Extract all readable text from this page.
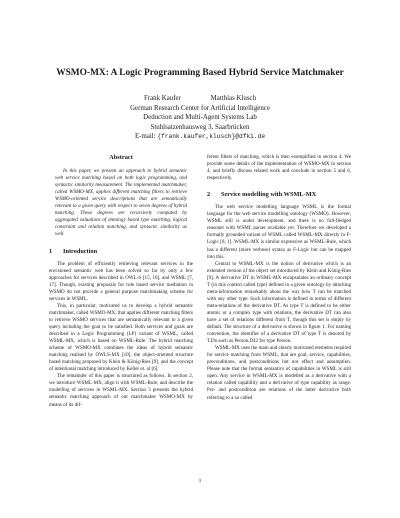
WSMO-MX: A Logic Programming Based Hybrid Service Matchmaker
Frank Kaufer	Matthias Klusch
German Research Center for Artificial Intelligence
Deduction and Multi-Agent Systems Lab
Stuhlsatzenhausweg 3, Saarbrücken
E-mail: {frank.kaufer,klusch}@dfki.de
Abstract

In this paper, we present an approach to hybrid semantic web service matching based on both logic programming, and syntactic similarity measurement. The implemented matchmaker, called WSMO-MX, applies different matching filters to retrieve WSMO-oriented service descriptions that are semantically relevant to a given query with respect to seven degrees of hybrid matching. These degrees are recursively computed by aggregated valuations of ontology based type matching, logical constraint and relation matching, and syntactic similarity as well.

1 Introduction

The problem of efficiently retrieving relevant services in the envisioned semantic web has been solved so far by only a few approaches for services described in OWL-S [15, 10], and WSML [7, 17]. Though, existing proposals for rule based service mediation in WSMO do not provide a general purpose matchmaking scheme for services in WSML.

This, in particular, motivated us to develop a hybrid semantic matchmaker, called WSMO-MX, that applies different matching filters to retrieve WSMO services that are semantically relevant to a given query including the goal to be satisfied. Both services and goals are described in a Logic Programming (LP) variant of WSML, called WSML-MX, which is based on WSML-Rule. The hybrid matching scheme of WSMO-MX combines the ideas of hybrid semantic matching realised by OWLS-MX [10], the object-oriented structure based matching proposed by Klein & König-Ries [9], and the concept of intentional matching introduced by Keller et. al [6].

The remainder of this paper is structured as follows. In section 2, we introduce WSML-MX, align it with WSML-Rule, and describe the modelling of services in WSML-MX. Section 3 presents the hybrid semantic matching approach of our matchmaker WSMO-MX by means of its dif-

ferent filters of matching, which is then exemplified in section 4. We provide some details of the implementation of WSMO-MX in section 4, and briefly discuss related work and conclude in section 5 and 6, respectively.

2 Service modelling with WSML-MX

The web service modelling language WSML is the formal language for the web service modelling ontology (WSMO). However, WSML still is under development, and there is no full-fledged reasoner with WSML parser available yet. Therefore we developed a formally grounded variant of WSML called WSML-MX directly in F-Logic [8, 1]. WSML-MX is similar expressive as WSML-Rule, which has a different (more verbose) syntax as F-Logic but can be mapped into this.

Central to WSML-MX is the notion of derivative which is an extended version of the object set introduced by Klein and König-Ries [9]. A derivative DT in WSML-MX encapsulates an ordinary concept T (in this context called type) defined in a given ontology by attaching meta-information remarkably about the way how T can be matched with any other type. Such information is defined in terms of different meta-relations of the derivative DT. As type T is defined to be either atomic or a complex type with relations, the derivative DT can also have a set of relations different from T, though this set is empty by default. The structure of a derivative is shown in figure 1. For naming convention, the identifier of a derivative DT of type T is denoted by T.Dn such as Person.D42 for type Person.

WSML-MX uses the main and clearly motivated elements required for service matching from WSML, that are goal, service, capabilities, preconditions, and postconditions but not effect and assumption. Please note that the formal semantics of capabilities in WSML is still open. Any service in WSML-MX is modelled as a derivative with a relation called capability and a derivative of type capability as range. Pre- and postcondition are relations of the latter derivative both referring to a so called

1
